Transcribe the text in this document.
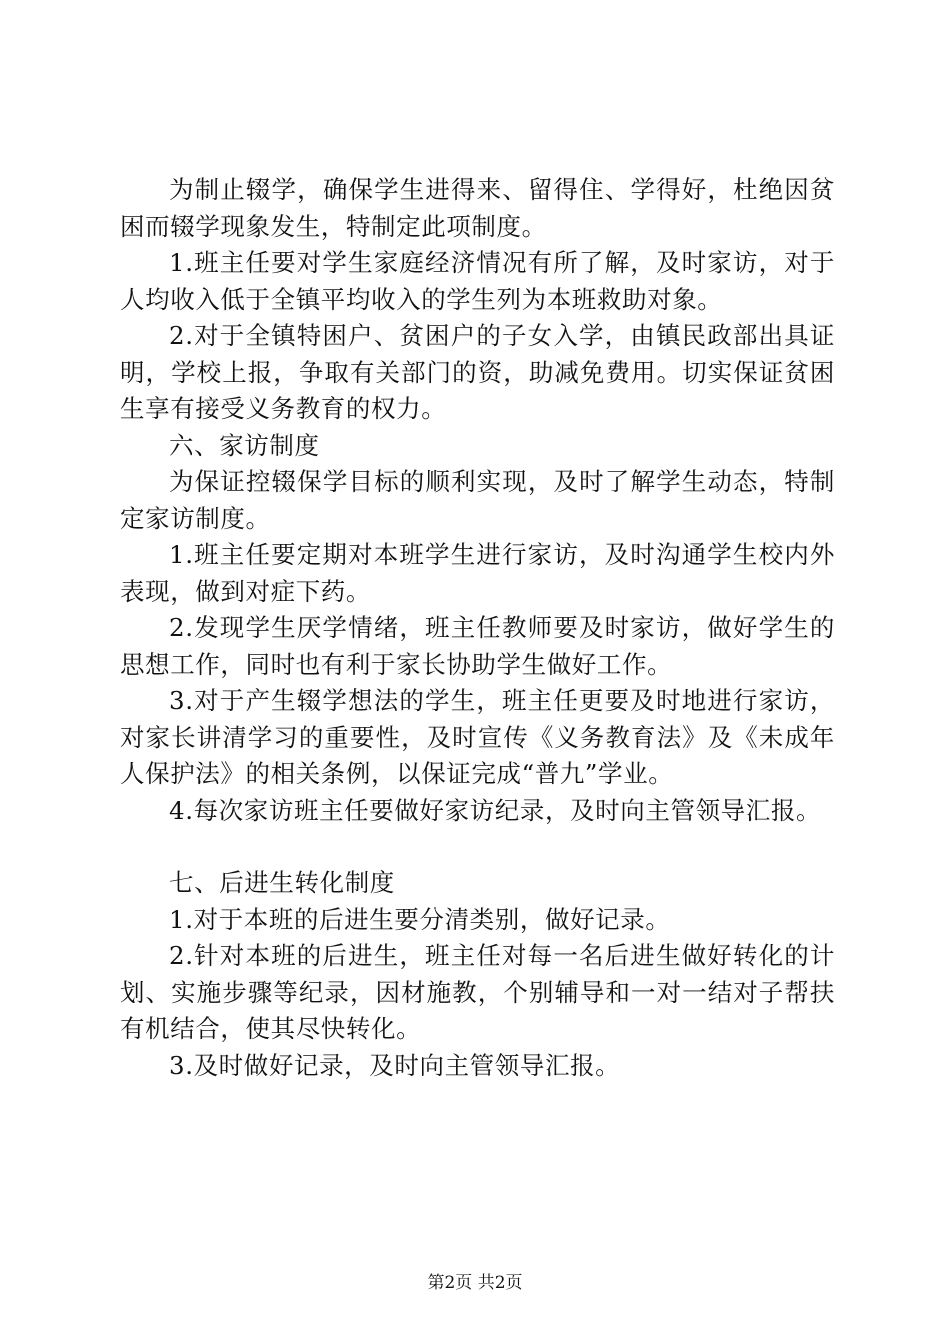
为制止辍学，确保学生进得来、留得住、学得好，杜绝因贫困而辍学现象发生，特制定此项制度。

1.班主任要对学生家庭经济情况有所了解，及时家访，对于人均收入低于全镇平均收入的学生列为本班救助对象。

2.对于全镇特困户、贫困户的子女入学，由镇民政部出具证明，学校上报，争取有关部门的资，助减免费用。切实保证贫困生享有接受义务教育的权力。

六、家访制度

为保证控辍保学目标的顺利实现，及时了解学生动态，特制定家访制度。

1.班主任要定期对本班学生进行家访，及时沟通学生校内外表现，做到对症下药。

2.发现学生厌学情绪，班主任教师要及时家访，做好学生的思想工作，同时也有利于家长协助学生做好工作。

3.对于产生辍学想法的学生，班主任更要及时地进行家访，对家长讲清学习的重要性，及时宣传《义务教育法》及《未成年人保护法》的相关条例，以保证完成“普九”学业。

4.每次家访班主任要做好家访纪录，及时向主管领导汇报。

七、后进生转化制度

1.对于本班的后进生要分清类别，做好记录。

2.针对本班的后进生，班主任对每一名后进生做好转化的计划、实施步骤等纪录，因材施教，个别辅导和一对一结对子帮扶有机结合，使其尽快转化。

3.及时做好记录，及时向主管领导汇报。

第2页 共2页
